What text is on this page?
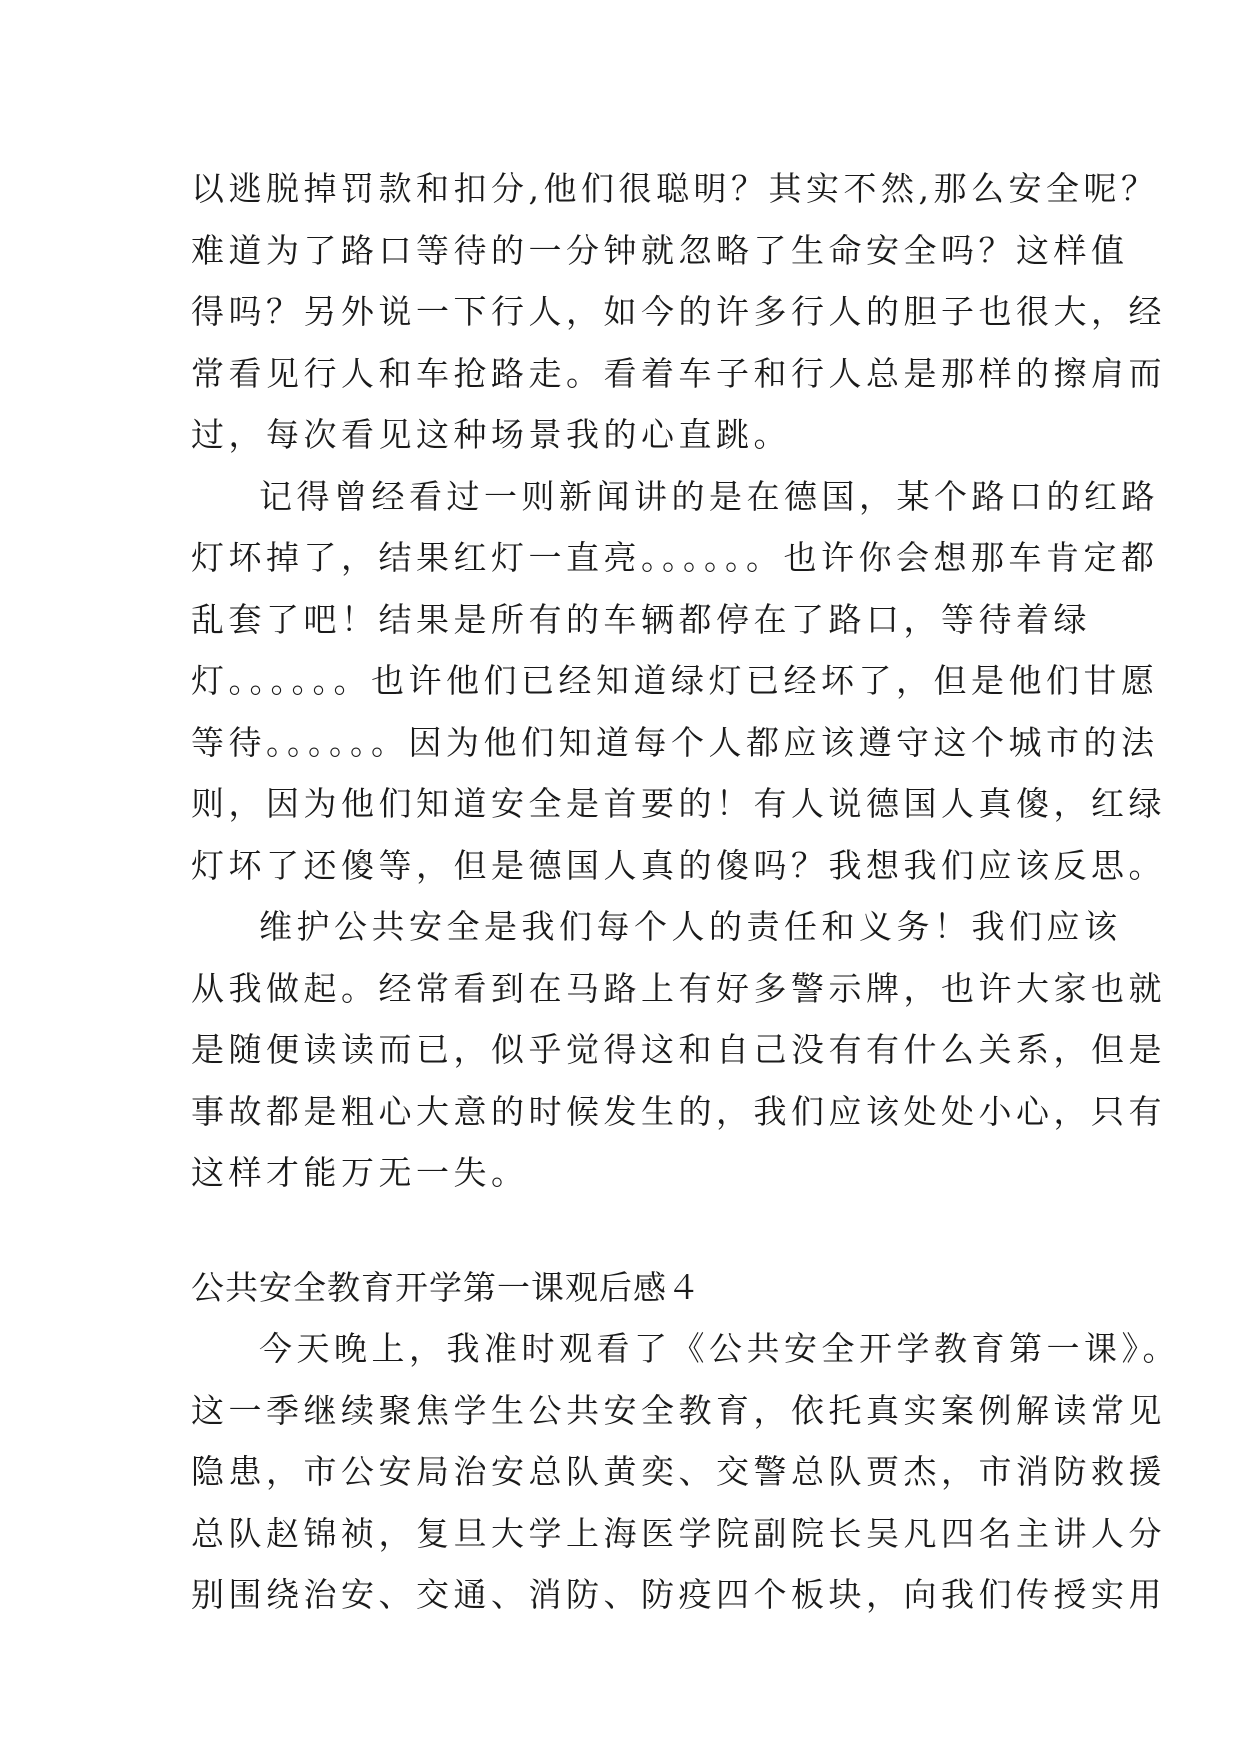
以逃脱掉罚款和扣分,他们很聪明？其实不然,那么安全呢？
难道为了路口等待的一分钟就忽略了生命安全吗？这样值
得吗？另外说一下行人，如今的许多行人的胆子也很大，经
常看见行人和车抢路走。看着车子和行人总是那样的擦肩而
过，每次看见这种场景我的心直跳。
记得曾经看过一则新闻讲的是在德国，某个路口的红路
灯坏掉了，结果红灯一直亮。。。。。。也许你会想那车肯定都
乱套了吧！结果是所有的车辆都停在了路口，等待着绿
灯。。。。。。也许他们已经知道绿灯已经坏了，但是他们甘愿
等待。。。。。。因为他们知道每个人都应该遵守这个城市的法
则，因为他们知道安全是首要的！有人说德国人真傻，红绿
灯坏了还傻等，但是德国人真的傻吗？我想我们应该反思。
维护公共安全是我们每个人的责任和义务！我们应该
从我做起。经常看到在马路上有好多警示牌，也许大家也就
是随便读读而已，似乎觉得这和自己没有有什么关系，但是
事故都是粗心大意的时候发生的，我们应该处处小心，只有
这样才能万无一失。
公共安全教育开学第一课观后感４
今天晚上，我准时观看了《公共安全开学教育第一课》。
这一季继续聚焦学生公共安全教育，依托真实案例解读常见
隐患，市公安局治安总队黄奕、交警总队贾杰，市消防救援
总队赵锦祯，复旦大学上海医学院副院长吴凡四名主讲人分
别围绕治安、交通、消防、防疫四个板块，向我们传授实用
